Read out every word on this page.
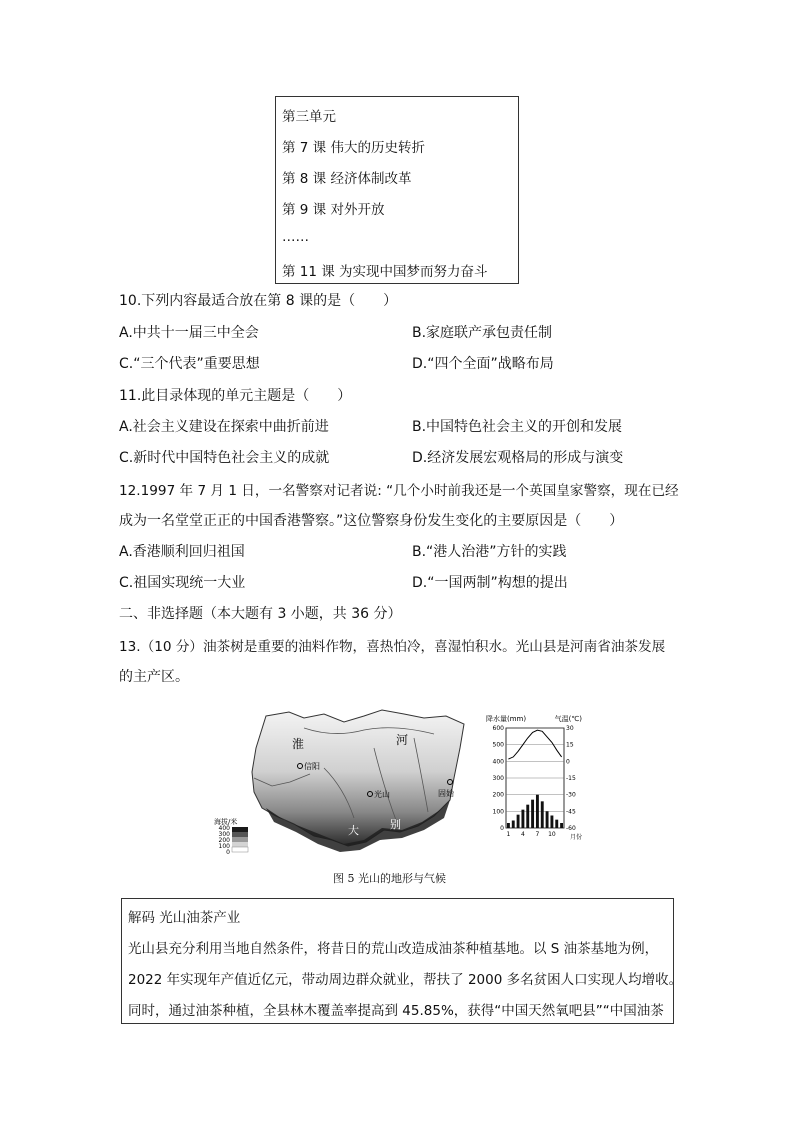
第三单元
第 7 课 伟大的历史转折
第 8 课 经济体制改革
第 9 课 对外开放
……
第 11 课 为实现中国梦而努力奋斗
10.下列内容最适合放在第 8 课的是（　　）
A.中共十一届三中全会	B.家庭联产承包责任制
C.“三个代表”重要思想	D.“四个全面”战略布局
11.此目录体现的单元主题是（　　）
A.社会主义建设在探索中曲折前进	B.中国特色社会主义的开创和发展
C.新时代中国特色社会主义的成就	D.经济发展宏观格局的形成与演变
12.1997 年 7 月 1 日，一名警察对记者说: “几个小时前我还是一个英国皇家警察，现在已经
成为一名堂堂正正的中国香港警察。”这位警察身份发生变化的主要原因是（　　）
A.香港顺利回归祖国	B.“港人治港”方针的实践
C.祖国实现统一大业	D.“一国两制”构想的提出
二、非选择题（本大题有 3 小题，共 36 分）
13.（10 分）油茶树是重要的油料作物，喜热怕冷，喜湿怕积水。光山县是河南省油茶发展
的主产区。
淮	河
信阳
光山	固始
大	别
海拔/米
400
300
200
100
0
降水量(mm)	气温(℃)
600
500
400
300
200
100
0
30
15
0
-15
-30
-45
-60
1 4 7 10 月份
图 5 光山的地形与气候
解码 光山油茶产业
光山县充分利用当地自然条件，将昔日的荒山改造成油茶种植基地。以 S 油茶基地为例，
2022 年实现年产值近亿元，带动周边群众就业，帮扶了 2000 多名贫困人口实现人均增收。
同时，通过油茶种植，全县林木覆盖率提高到 45.85%，获得“中国天然氧吧县”“中国油茶
